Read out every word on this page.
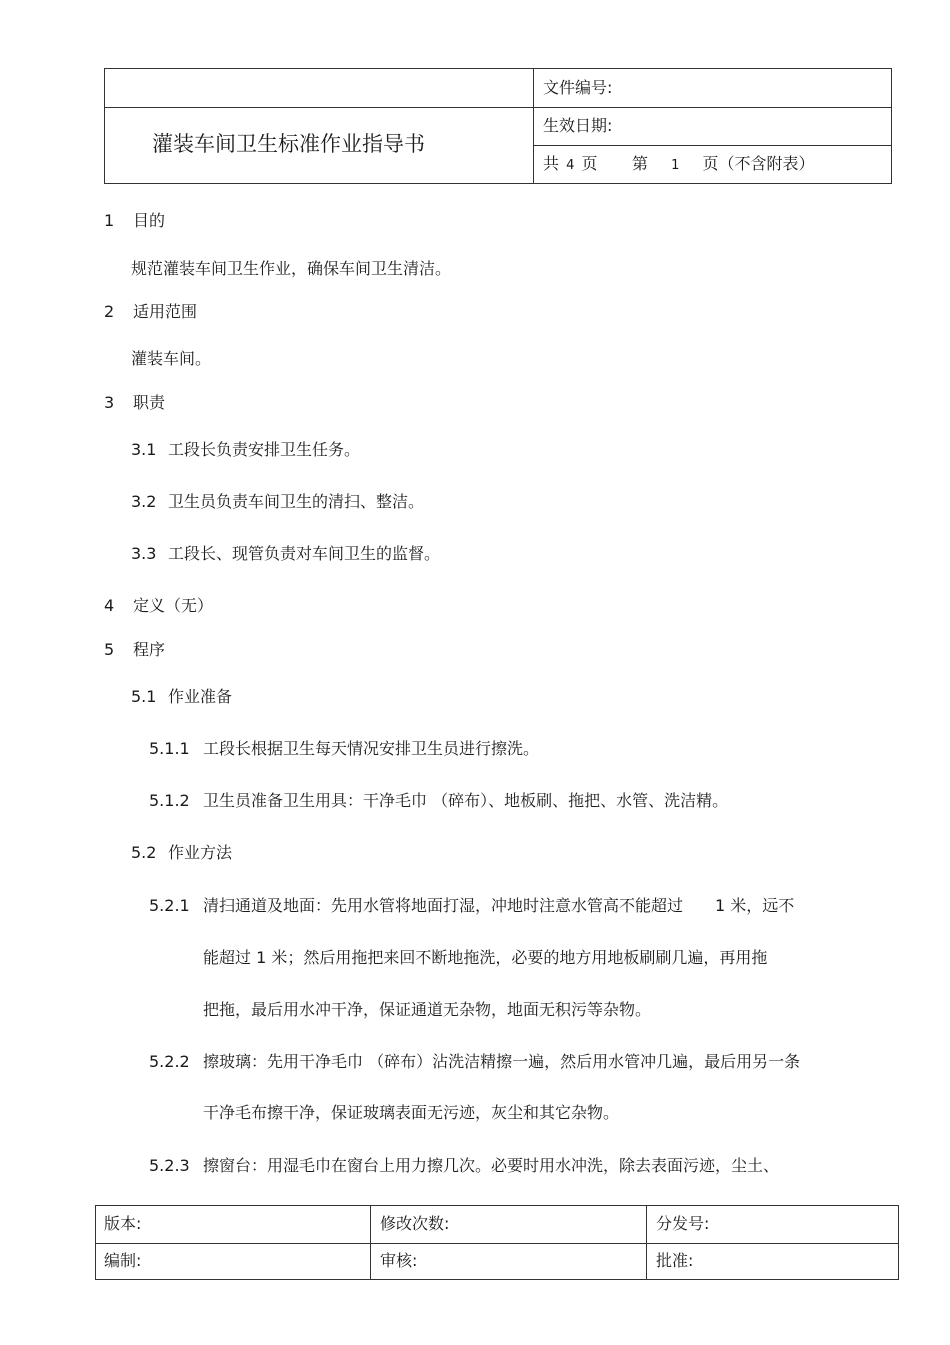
灌装车间卫生标准作业指导书
文件编号:
生效日期:
共 4 页 第 1 页（不含附表）
1 目的
规范灌装车间卫生作业，确保车间卫生清洁。
2 适用范围
灌装车间。
3 职责
3.1 工段长负责安排卫生任务。
3.2 卫生员负责车间卫生的清扫、整洁。
3.3 工段长、现管负责对车间卫生的监督。
4 定义（无）
5 程序
5.1 作业准备
5.1.1 工段长根据卫生每天情况安排卫生员进行擦洗。
5.1.2 卫生员准备卫生用具：干净毛巾 （碎布）、地板刷、拖把、水管、洗洁精。
5.2 作业方法
5.2.1 清扫通道及地面：先用水管将地面打湿，冲地时注意水管高不能超过　　1 米，远不
能超过 1 米；然后用拖把来回不断地拖洗，必要的地方用地板刷刷几遍，再用拖
把拖，最后用水冲干净，保证通道无杂物，地面无积污等杂物。
5.2.2 擦玻璃：先用干净毛巾 （碎布）沾洗洁精擦一遍，然后用水管冲几遍，最后用另一条
干净毛布擦干净，保证玻璃表面无污迹，灰尘和其它杂物。
5.2.3 擦窗台：用湿毛巾在窗台上用力擦几次。必要时用水冲洗，除去表面污迹，尘土、
版本:	修改次数:	分发号:
编制:	审核:	批准:
